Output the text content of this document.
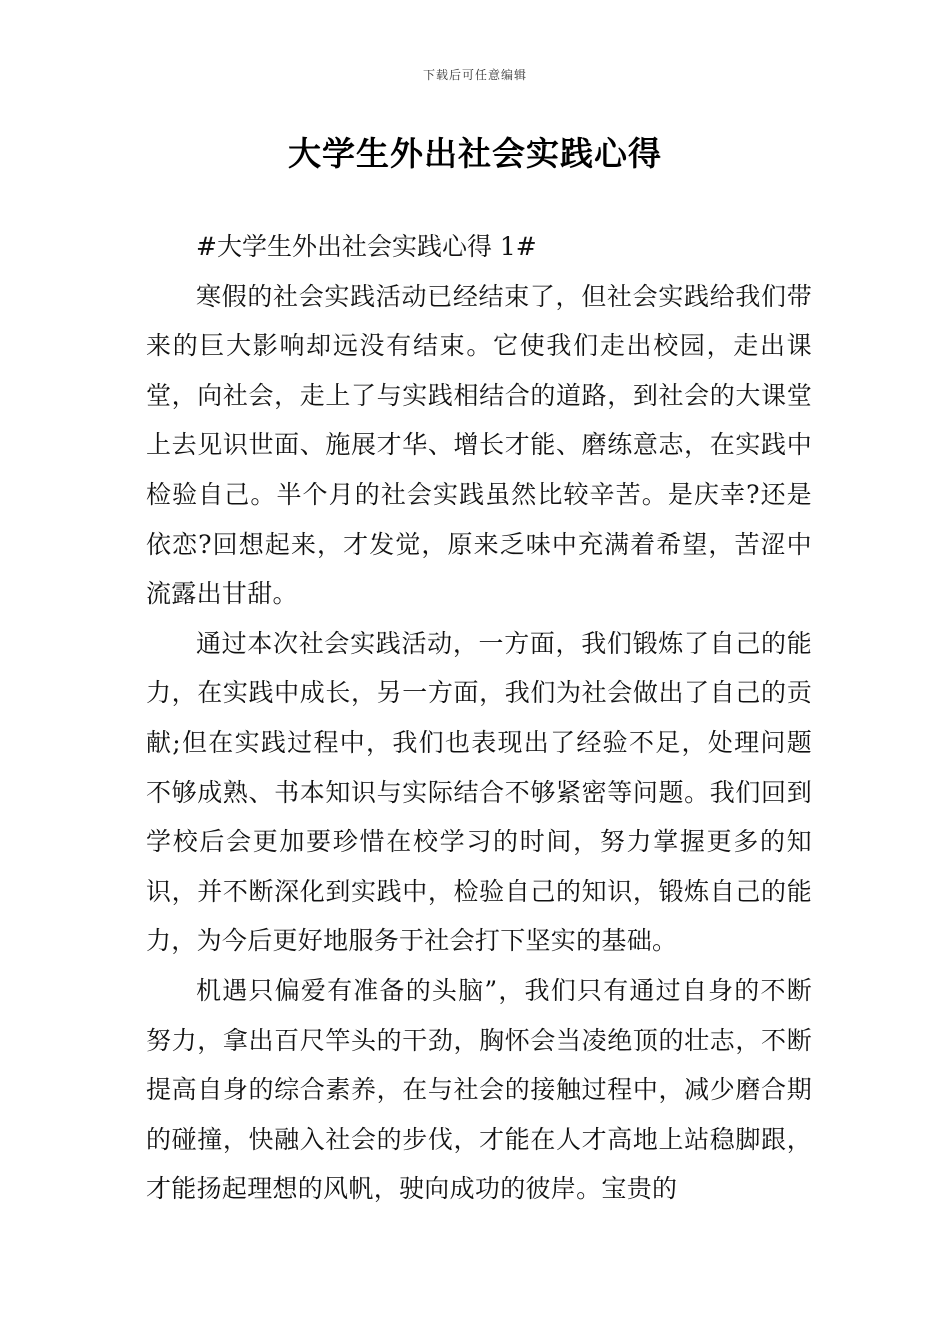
下载后可任意编辑
大学生外出社会实践心得

#大学生外出社会实践心得 1#

寒假的社会实践活动已经结束了，但社会实践给我们带来的巨大影响却远没有结束。它使我们走出校园，走出课堂，向社会，走上了与实践相结合的道路，到社会的大课堂上去见识世面、施展才华、增长才能、磨练意志，在实践中检验自己。半个月的社会实践虽然比较辛苦。是庆幸?还是依恋?回想起来，才发觉，原来乏味中充满着希望，苦涩中流露出甘甜。

通过本次社会实践活动，一方面，我们锻炼了自己的能力，在实践中成长，另一方面，我们为社会做出了自己的贡献;但在实践过程中，我们也表现出了经验不足，处理问题不够成熟、书本知识与实际结合不够紧密等问题。我们回到学校后会更加要珍惜在校学习的时间，努力掌握更多的知识，并不断深化到实践中，检验自己的知识，锻炼自己的能力，为今后更好地服务于社会打下坚实的基础。

机遇只偏爱有准备的头脑”，我们只有通过自身的不断努力，拿出百尺竿头的干劲，胸怀会当凌绝顶的壮志，不断提高自身的综合素养，在与社会的接触过程中，减少磨合期的碰撞，快融入社会的步伐，才能在人才高地上站稳脚跟，才能扬起理想的风帆，驶向成功的彼岸。宝贵的
